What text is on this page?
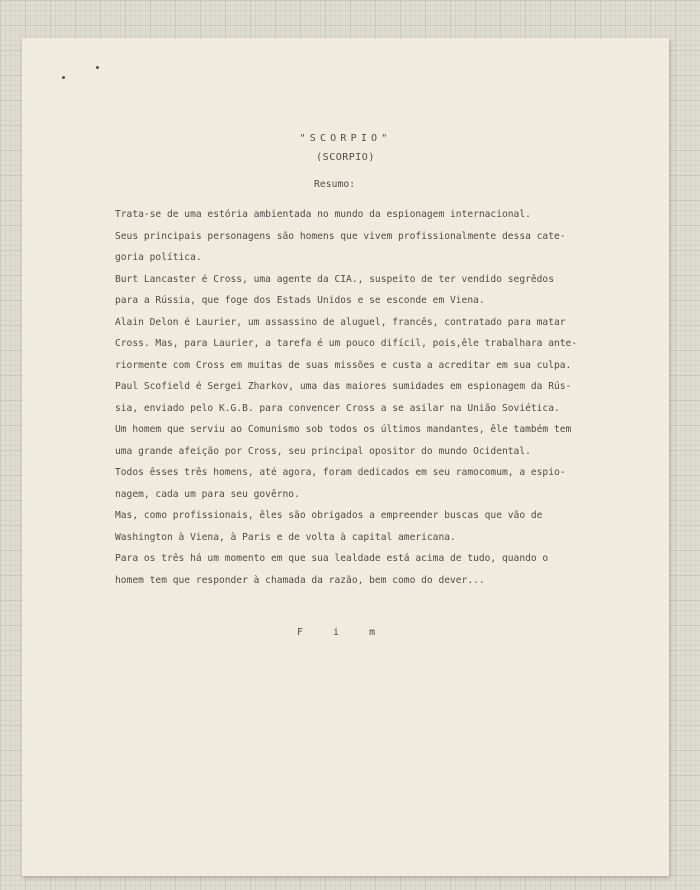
"SCORPIO"

(SCORPIO)

Resumo:

Trata-se de uma estória ambientada no mundo da espionagem internacional.
Seus principais personagens são homens que vivem profissionalmente dessa cate-
goria política.
Burt Lancaster é Cross, uma agente da CIA., suspeito de ter vendido segrêdos
para a Rússia, que foge dos Estads Unidos e se esconde em Viena.
Alain Delon é Laurier, um assassino de aluguel, francês, contratado para matar
Cross. Mas, para Laurier, a tarefa é um pouco difícil, pois,êle trabalhara ante-
riormente com Cross em muitas de suas missões e custa a acreditar em sua culpa.
Paul Scofield é Sergei Zharkov, uma das maiores sumidades em espionagem da Rús-
sia, enviado pelo K.G.B. para convencer Cross a se asilar na União Soviética.
Um homem que serviu ao Comunismo sob todos os últimos mandantes, êle também tem
uma grande afeição por Cross, seu principal opositor do mundo Ocidental.
Todos êsses três homens, até agora, foram dedicados em seu ramocomum, a espio-
nagem, cada um para seu govêrno.
Mas, como profissionais, êles são obrigados a empreender buscas que vão de
Washington à Viena, à Paris e de volta à capital americana.
Para os três há um momento em que sua lealdade está acima de tudo, quando o
homem tem que responder à chamada da razão, bem como do dever...

F i m
